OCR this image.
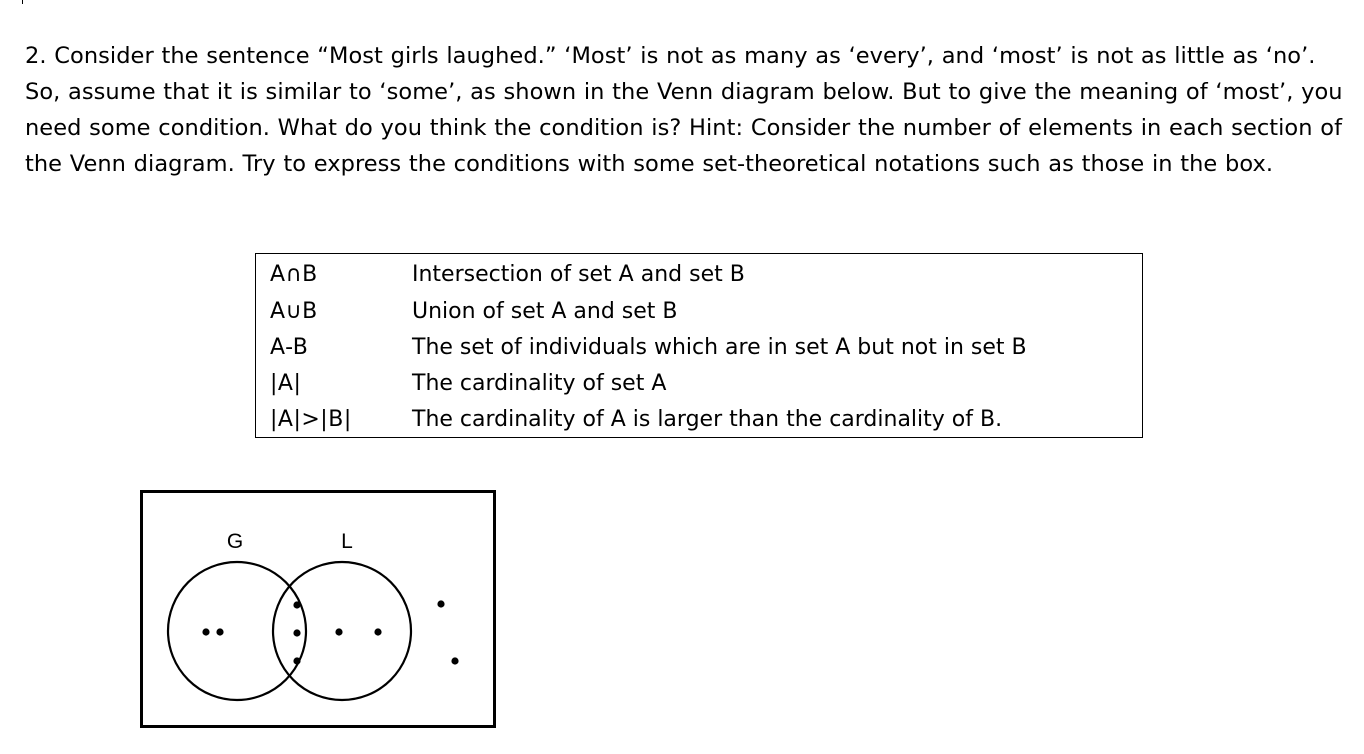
2. Consider the sentence “Most girls laughed.” ‘Most’ is not as many as ‘every’, and ‘most’ is not as little as ‘no’. So, assume that it is similar to ‘some’, as shown in the Venn diagram below. But to give the meaning of ‘most’, you need some condition. What do you think the condition is? Hint: Consider the number of elements in each section of the Venn diagram. Try to express the conditions with some set-theoretical notations such as those in the box.

A∩B	Intersection of set A and set B
A∪B	Union of set A and set B
A-B	The set of individuals which are in set A but not in set B
|A|	The cardinality of set A
|A|>|B|	The cardinality of A is larger than the cardinality of B.
G	L
